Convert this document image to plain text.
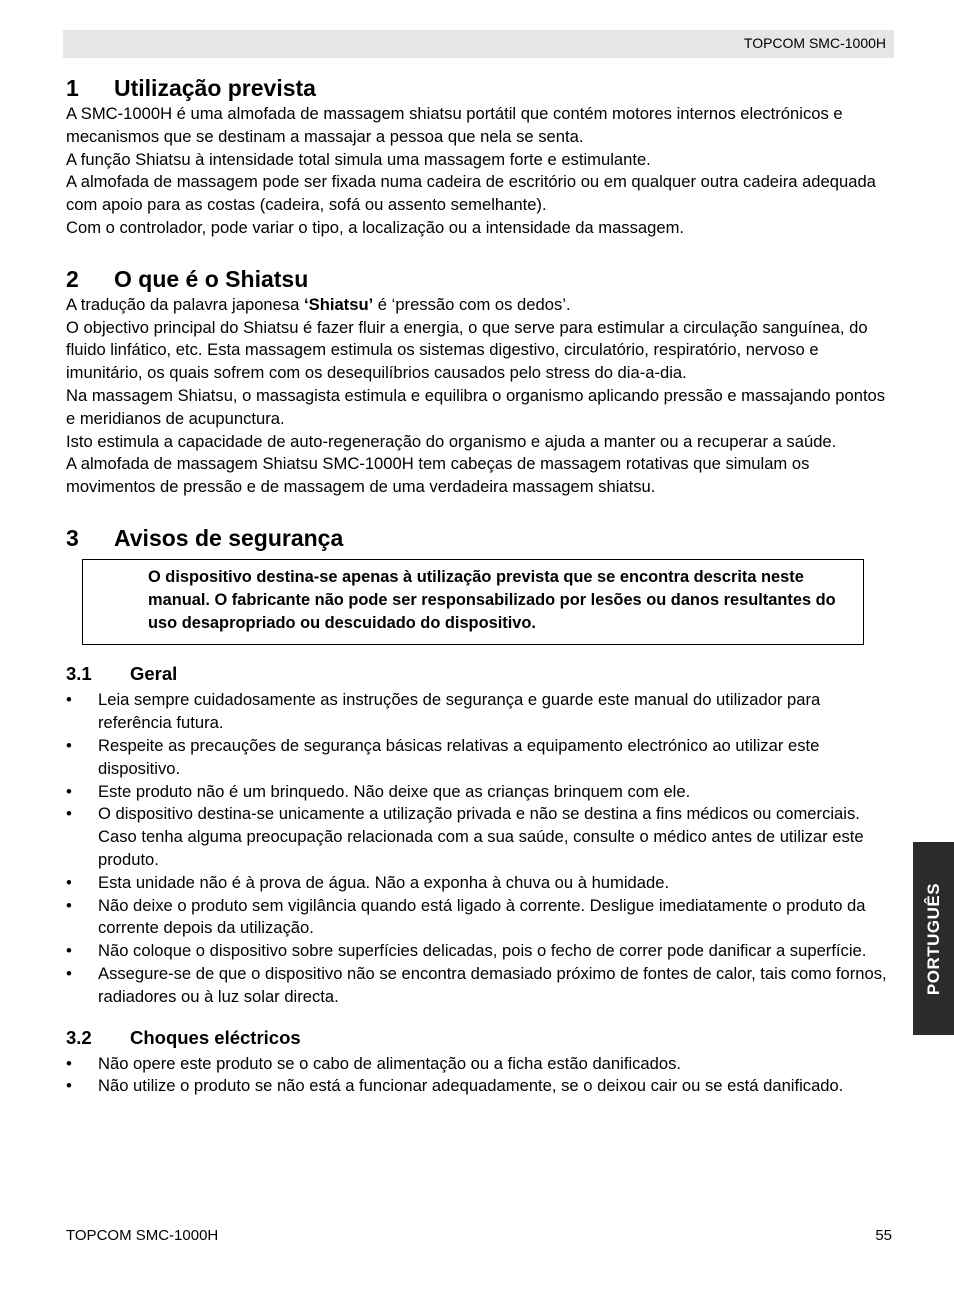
TOPCOM SMC-1000H
1	Utilização prevista

A SMC-1000H é uma almofada de massagem shiatsu portátil que contém motores internos electrónicos e mecanismos que se destinam a massajar a pessoa que nela se senta.

A função Shiatsu à intensidade total simula uma massagem forte e estimulante.

A almofada de massagem pode ser fixada numa cadeira de escritório ou em qualquer outra cadeira adequada com apoio para as costas (cadeira, sofá ou assento semelhante).

Com o controlador, pode variar o tipo, a localização ou a intensidade da massagem.

2	O que é o Shiatsu

A tradução da palavra japonesa ‘Shiatsu’ é ‘pressão com os dedos’.

O objectivo principal do Shiatsu é fazer fluir a energia, o que serve para estimular a circulação sanguínea, do fluido linfático, etc. Esta massagem estimula os sistemas digestivo, circulatório, respiratório, nervoso e imunitário, os quais sofrem com os desequilíbrios causados pelo stress do dia-a-dia.

Na massagem Shiatsu, o massagista estimula e equilibra o organismo aplicando pressão e massajando pontos e meridianos de acupunctura.

Isto estimula a capacidade de auto-regeneração do organismo e ajuda a manter ou a recuperar a saúde.

A almofada de massagem Shiatsu SMC-1000H tem cabeças de massagem rotativas que simulam os movimentos de pressão e de massagem de uma verdadeira massagem shiatsu.

3	Avisos de segurança
O dispositivo destina-se apenas à utilização prevista que se encontra descrita neste manual. O fabricante não pode ser responsabilizado por lesões ou danos resultantes do uso desapropriado ou descuidado do dispositivo.
3.1	Geral
• Leia sempre cuidadosamente as instruções de segurança e guarde este manual do utilizador para referência futura.
• Respeite as precauções de segurança básicas relativas a equipamento electrónico ao utilizar este dispositivo.
• Este produto não é um brinquedo. Não deixe que as crianças brinquem com ele.
• O dispositivo destina-se unicamente a utilização privada e não se destina a fins médicos ou comerciais. Caso tenha alguma preocupação relacionada com a sua saúde, consulte o médico antes de utilizar este produto.
• Esta unidade não é à prova de água. Não a exponha à chuva ou à humidade.
• Não deixe o produto sem vigilância quando está ligado à corrente. Desligue imediatamente o produto da corrente depois da utilização.
• Não coloque o dispositivo sobre superfícies delicadas, pois o fecho de correr pode danificar a superfície.
• Assegure-se de que o dispositivo não se encontra demasiado próximo de fontes de calor, tais como fornos, radiadores ou à luz solar directa.
3.2	Choques eléctricos
• Não opere este produto se o cabo de alimentação ou a ficha estão danificados.
• Não utilize o produto se não está a funcionar adequadamente, se o deixou cair ou se está danificado.
PORTUGUÊS
TOPCOM SMC-1000H	55
